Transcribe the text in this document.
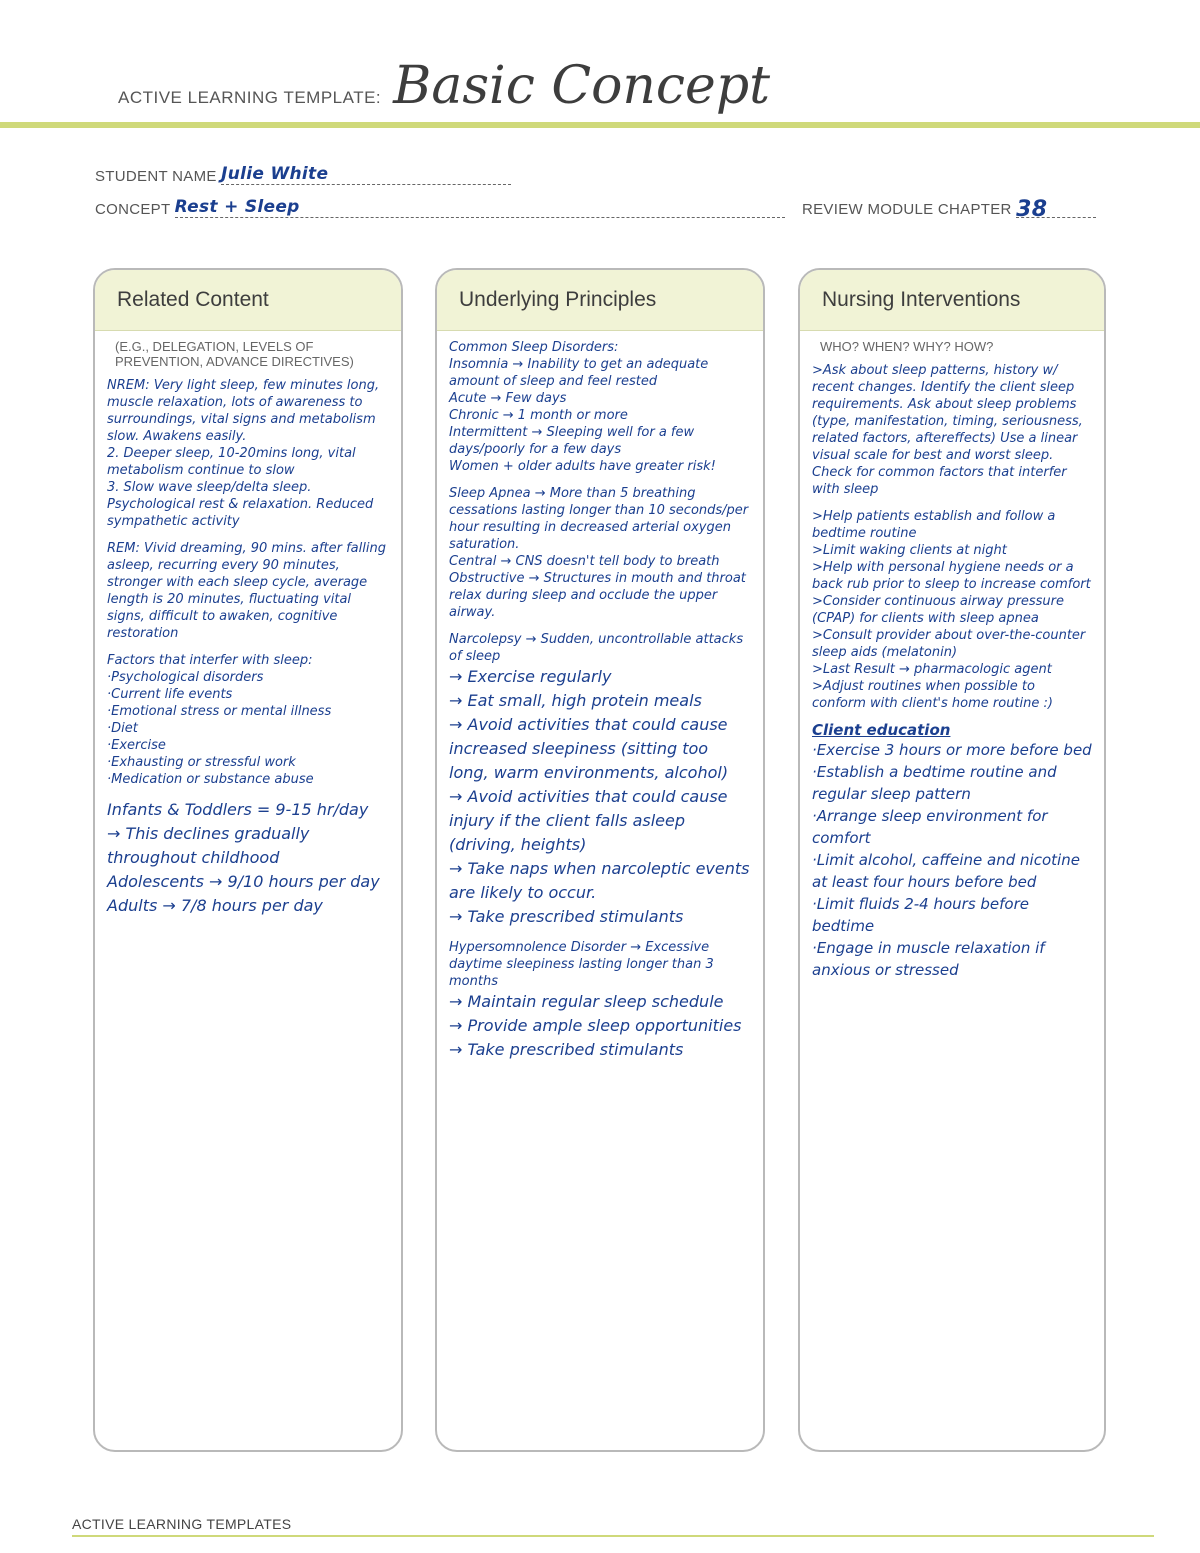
ACTIVE LEARNING TEMPLATE: Basic Concept
STUDENT NAME Julie White
CONCEPT Rest + Sleep	REVIEW MODULE CHAPTER 38
Related Content
(E.G., DELEGATION, LEVELS OF PREVENTION, ADVANCE DIRECTIVES)

NREM: Very light sleep, few minutes long, muscle relaxation, lots of awareness to surroundings, vital signs and metabolism slow. Awakens easily.

2. Deeper sleep, 10-20mins long, vital metabolism continue to slow

3. Slow wave sleep/delta sleep. Psychological rest & relaxation. Reduced sympathetic activity

REM: Vivid dreaming, 90 mins. after falling asleep, recurring every 90 minutes, stronger with each sleep cycle, average length is 20 minutes, fluctuating vital signs, difficult to awaken, cognitive restoration

Factors that interfer with sleep:
·Psychological disorders
·Current life events
·Emotional stress or mental illness
·Diet
·Exercise
·Exhausting or stressful work
·Medication or substance abuse

Infants & Toddlers = 9-15 hr/day
→ This declines gradually throughout childhood

Adolescents → 9/10 hours per day

Adults → 7/8 hours per day

Underlying Principles

Common Sleep Disorders:

Insomnia → Inability to get an adequate amount of sleep and feel rested

Acute → Few days
Chronic → 1 month or more
Intermittent → Sleeping well for a few days/poorly for a few days
Women + older adults have greater risk!

Sleep Apnea → More than 5 breathing cessations lasting longer than 10 seconds/per hour resulting in decreased arterial oxygen saturation.

Central → CNS doesn't tell body to breath
Obstructive → Structures in mouth and throat relax during sleep and occlude the upper airway.

Narcolepsy → Sudden, uncontrollable attacks of sleep

→ Exercise regularly
→ Eat small, high protein meals
→ Avoid activities that could cause increased sleepiness (sitting too long, warm environments, alcohol)
→ Avoid activities that could cause injury if the client falls asleep (driving, heights)
→ Take naps when narcoleptic events are likely to occur.
→ Take prescribed stimulants

Hypersomnolence Disorder → Excessive daytime sleepiness lasting longer than 3 months

→ Maintain regular sleep schedule
→ Provide ample sleep opportunities
→ Take prescribed stimulants

Nursing Interventions
WHO? WHEN? WHY? HOW?

>Ask about sleep patterns, history w/ recent changes. Identify the client sleep requirements. Ask about sleep problems (type, manifestation, timing, seriousness, related factors, aftereffects) Use a linear visual scale for best and worst sleep. Check for common factors that interfer with sleep

>Help patients establish and follow a bedtime routine
>Limit waking clients at night
>Help with personal hygiene needs or a back rub prior to sleep to increase comfort
>Consider continuous airway pressure (CPAP) for clients with sleep apnea
>Consult provider about over-the-counter sleep aids (melatonin)
>Last Result → pharmacologic agent
>Adjust routines when possible to conform with client's home routine :)

Client education

·Exercise 3 hours or more before bed
·Establish a bedtime routine and regular sleep pattern
·Arrange sleep environment for comfort
·Limit alcohol, caffeine and nicotine at least four hours before bed
·Limit fluids 2-4 hours before bedtime
·Engage in muscle relaxation if anxious or stressed

ACTIVE LEARNING TEMPLATES
